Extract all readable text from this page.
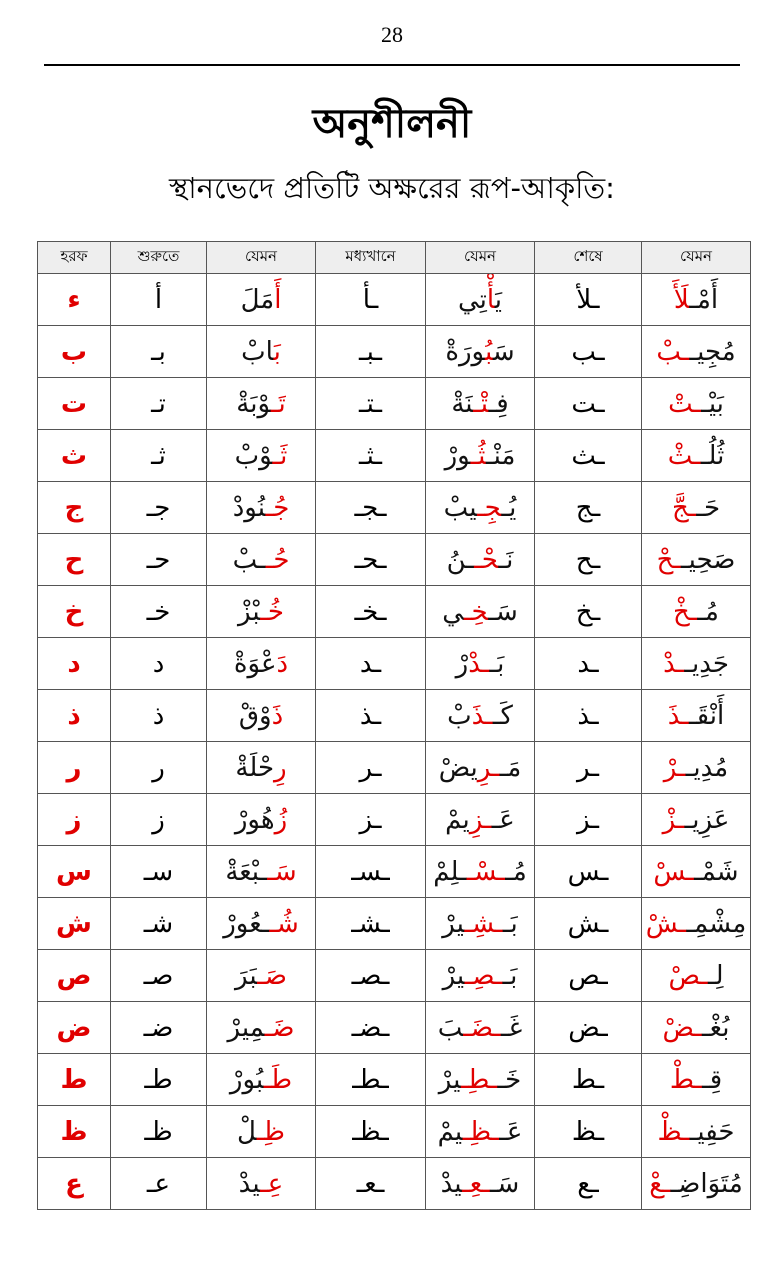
28
অনুশীলনী
স্থানভেদে প্রতিটি অক্ষরের রূপ-আকৃতি:
হরফ	শুরুতে	যেমন	মধ্যখানে	যেমন	শেষে	যেমন
ء	أ	أَمَلَ	ـأ	يَأْتِي	ـلأ	أَمْـلَأَ
ب	بـ	بَابْ	ـبـ	سَبُورَةْ	ـب	مُجِيــبْ
ت	تـ	تَـوْبَةْ	ـتـ	فِـتْـنَةْ	ـت	بَيْــتْ
ث	ثـ	ثَـوْبْ	ـثـ	مَنْـثُـورْ	ـث	ثُلُــثْ
ج	جـ	جُـنُودْ	ـجـ	يُـجِـيبْ	ـج	حَــجَّ
ح	حـ	حُــبْ	ـحـ	نَـحْــنُ	ـح	صَحِيــحْ
خ	خـ	خُـبْزْ	ـخـ	سَـخِـي	ـخ	مُــخْ
د	د	دَعْوَةْ	ـد	بَــدْرْ	ـد	جَدِيــدْ
ذ	ذ	ذَوْقْ	ـذ	كَــذَبْ	ـذ	أَنْقَــذَ
ر	ر	رِحْلَةْ	ـر	مَــرِيضْ	ـر	مُدِيــرْ
ز	ز	زُهُورْ	ـز	عَــزِيمْ	ـز	عَزِيــزْ
س	سـ	سَــبْعَةْ	ـسـ	مُــسْــلِمْ	ـس	شَمْــسْ
ش	شـ	شُــعُورْ	ـشـ	بَــشِـيرْ	ـش	مِشْمِــشْ
ص	صـ	صَـبَرَ	ـصـ	بَــصِـيرْ	ـص	لِــصْ
ض	ضـ	ضَـمِيرْ	ـضـ	غَــضَـبَ	ـض	بُغْــضْ
ط	طـ	طَـبُورْ	ـطـ	خَــطِـيرْ	ـط	قِــطْ
ظ	ظـ	ظِـلْ	ـظـ	عَــظِـيمْ	ـظ	حَفِيــظْ
ع	عـ	عِـيدْ	ـعـ	سَــعِـيدْ	ـع	مُتَوَاضِــعْ
